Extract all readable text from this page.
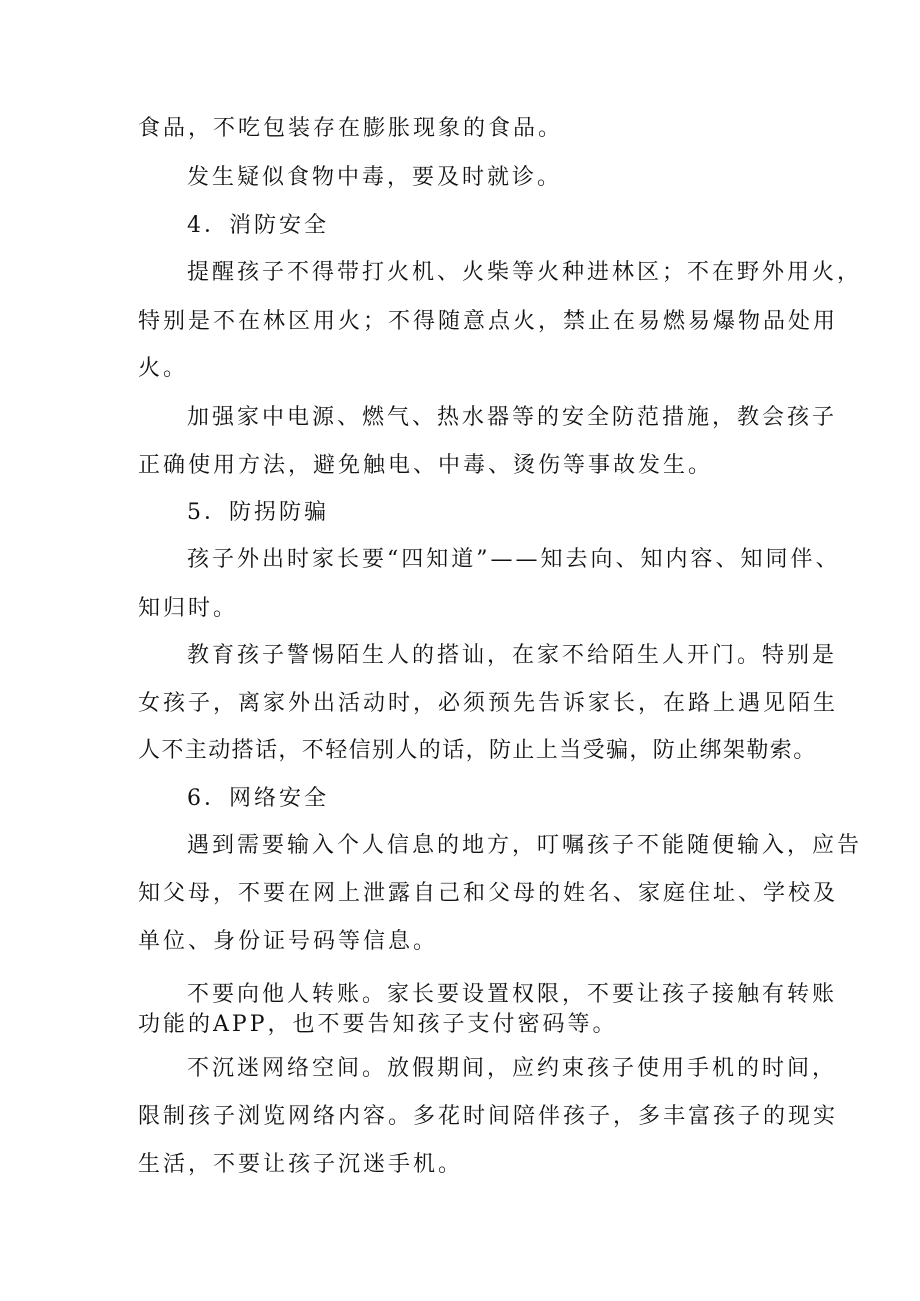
食品，不吃包装存在膨胀现象的食品。
发生疑似食物中毒，要及时就诊。
4．消防安全
提醒孩子不得带打火机、火柴等火种进林区；不在野外用火，
特别是不在林区用火；不得随意点火，禁止在易燃易爆物品处用
火。
加强家中电源、燃气、热水器等的安全防范措施，教会孩子
正确使用方法，避免触电、中毒、烫伤等事故发生。
5．防拐防骗
孩子外出时家长要“四知道”——知去向、知内容、知同伴、
知归时。
教育孩子警惕陌生人的搭讪，在家不给陌生人开门。特别是
女孩子，离家外出活动时，必须预先告诉家长，在路上遇见陌生
人不主动搭话，不轻信别人的话，防止上当受骗，防止绑架勒索。
6．网络安全
遇到需要输入个人信息的地方，叮嘱孩子不能随便输入，应告
知父母，不要在网上泄露自己和父母的姓名、家庭住址、学校及
单位、身份证号码等信息。
不要向他人转账。家长要设置权限，不要让孩子接触有转账
功能的APP，也不要告知孩子支付密码等。
不沉迷网络空间。放假期间，应约束孩子使用手机的时间，
限制孩子浏览网络内容。多花时间陪伴孩子，多丰富孩子的现实
生活，不要让孩子沉迷手机。
